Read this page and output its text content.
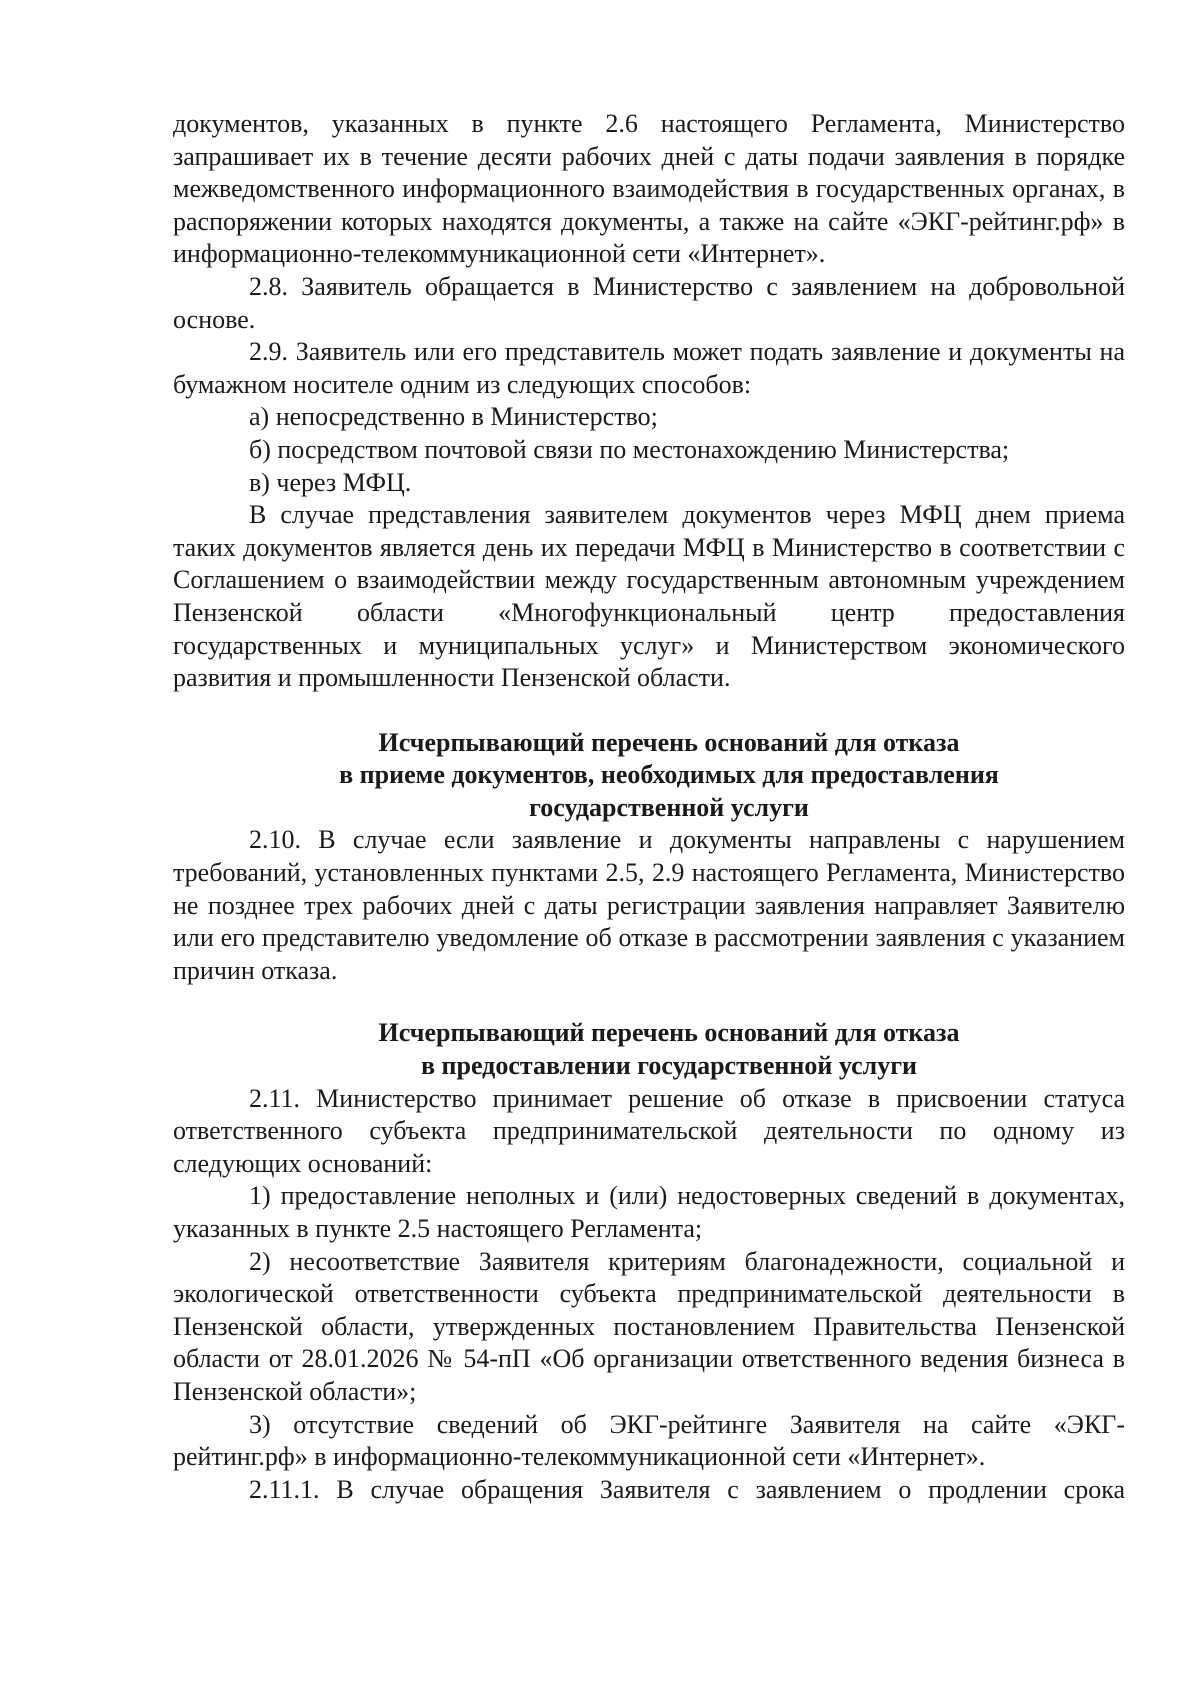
документов, указанных в пункте 2.6 настоящего Регламента, Министерство запрашивает их в течение десяти рабочих дней с даты подачи заявления в порядке межведомственного информационного взаимодействия в государственных органах, в распоряжении которых находятся документы, а также на сайте «ЭКГ-рейтинг.рф» в информационно-телекоммуникационной сети «Интернет».

2.8. Заявитель обращается в Министерство с заявлением на добровольной основе.

2.9. Заявитель или его представитель может подать заявление и документы на бумажном носителе одним из следующих способов:

а) непосредственно в Министерство;

б) посредством почтовой связи по местонахождению Министерства;

в) через МФЦ.

В случае представления заявителем документов через МФЦ днем приема таких документов является день их передачи МФЦ в Министерство в соответствии с Соглашением о взаимодействии между государственным автономным учреждением Пензенской области «Многофункциональный центр предоставления государственных и муниципальных услуг» и Министерством экономического развития и промышленности Пензенской области.

Исчерпывающий перечень оснований для отказа
в приеме документов, необходимых для предоставления
государственной услуги

2.10. В случае если заявление и документы направлены с нарушением требований, установленных пунктами 2.5, 2.9 настоящего Регламента, Министерство не позднее трех рабочих дней с даты регистрации заявления направляет Заявителю или его представителю уведомление об отказе в рассмотрении заявления с указанием причин отказа.

Исчерпывающий перечень оснований для отказа
в предоставлении государственной услуги

2.11. Министерство принимает решение об отказе в присвоении статуса ответственного субъекта предпринимательской деятельности по одному из следующих оснований:

1) предоставление неполных и (или) недостоверных сведений в документах, указанных в пункте 2.5 настоящего Регламента;

2) несоответствие Заявителя критериям благонадежности, социальной и экологической ответственности субъекта предпринимательской деятельности в Пензенской области, утвержденных постановлением Правительства Пензенской области от 28.01.2026 № 54-пП «Об организации ответственного ведения бизнеса в Пензенской области»;

3) отсутствие сведений об ЭКГ-рейтинге Заявителя на сайте «ЭКГ-рейтинг.рф» в информационно-телекоммуникационной сети «Интернет».

2.11.1. В случае обращения Заявителя с заявлением о продлении срока
